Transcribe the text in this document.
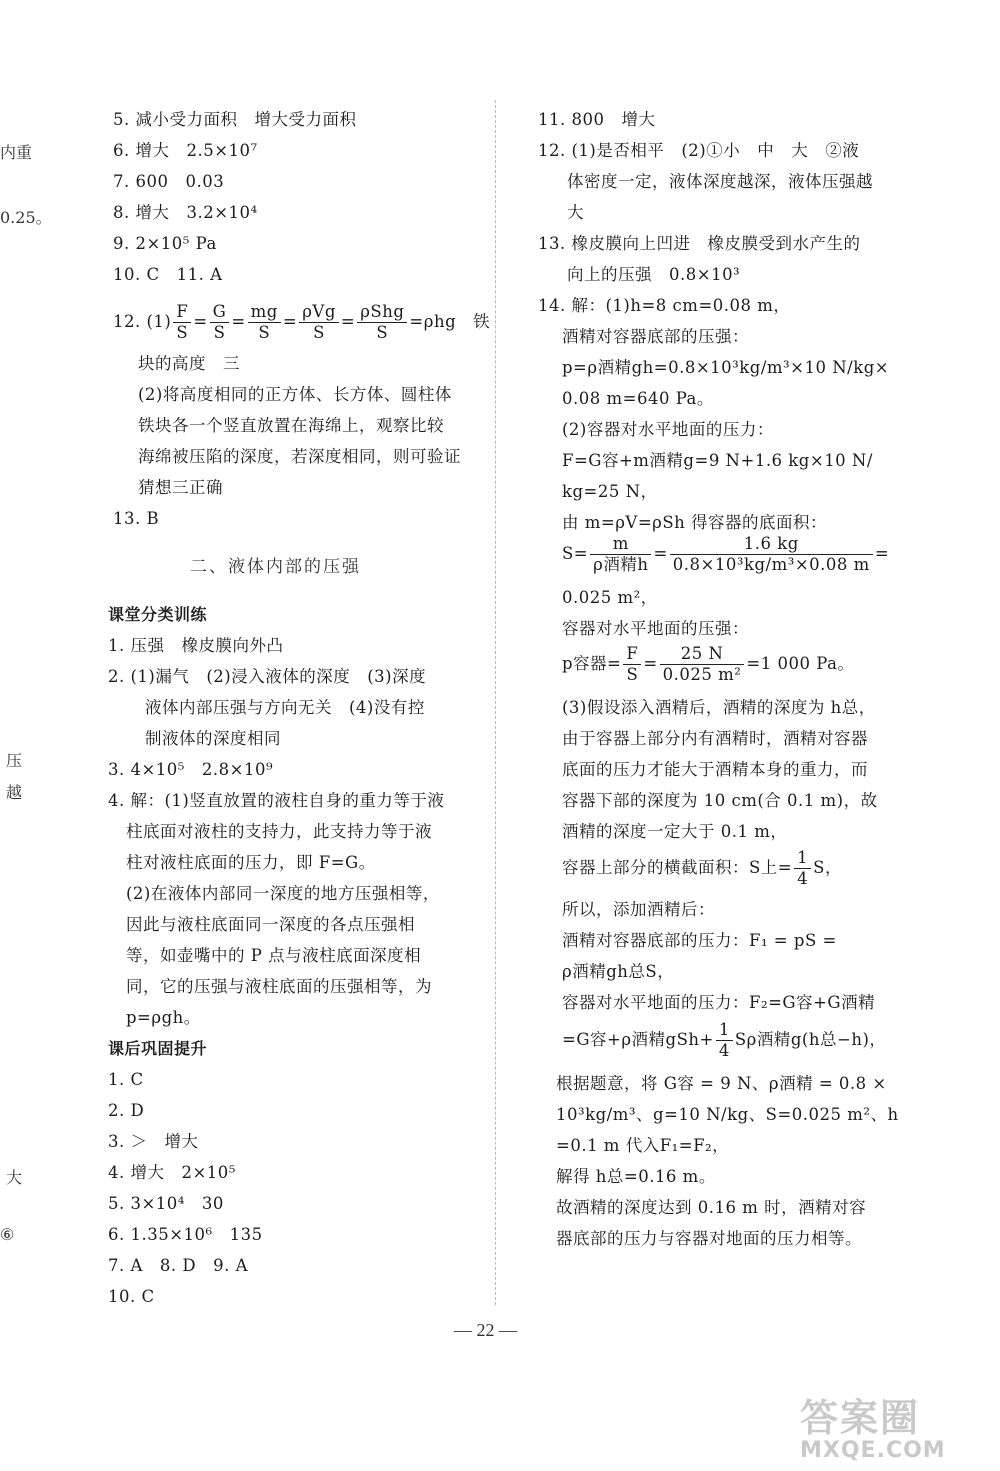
内重
0.25。
压
越
大
⑥
5. 减小受力面积　增大受力面积
6. 增大　2.5×10⁷
7. 600　0.03
8. 增大　3.2×10⁴
9. 2×10⁵ Pa
10. C　11. A
12. $(1) \frac{F}{S} = \frac{G}{S} = \frac{mg}{S} = \frac{\text{ρVg}}{S} = \frac{\text{ρShg}}{S} =\rho hg$　铁
块的高度　三
(2)将高度相同的正方体、长方体、圆柱体
铁块各一个竖直放置在海绵上，观察比较
海绵被压陷的深度，若深度相同，则可验证
猜想三正确
13. B
二、液体内部的压强
课堂分类训练
1. 压强　橡皮膜向外凸
2. (1)漏气　(2)浸入液体的深度　(3)深度
液体内部压强与方向无关　(4)没有控
制液体的深度相同
3. 4×10⁵　2.8×10⁹
4. 解：(1)竖直放置的液柱自身的重力等于液
柱底面对液柱的支持力，此支持力等于液
柱对液柱底面的压力，即 F=G。
(2)在液体内部同一深度的地方压强相等，
因此与液柱底面同一深度的各点压强相
等，如壶嘴中的 P 点与液柱底面深度相
同，它的压强与液柱底面的压强相等，为
p=ρgh。
课后巩固提升
1. C
2. D
3. ＞　增大
4. 增大　2×10⁵
5. 3×10⁴　30
6. 1.35×10⁶　135
7. A　8. D　9. A
10. C
11. 800　增大
12. (1)是否相平　(2)①小　中　大　②液
体密度一定，液体深度越深，液体压强越
大
13. 橡皮膜向上凹进　橡皮膜受到水产生的
向上的压强　0.8×10³
14. 解：(1)h=8 cm=0.08 m，
酒精对容器底部的压强：
p=ρ酒精gh=0.8×10³kg/m³×10 N/kg×
0.08 m=640 Pa。
(2)容器对水平地面的压力：
F=G容+m酒精g=9 N+1.6 kg×10 N/
kg=25 N，
由 m=ρV=ρSh 得容器的底面积：
$S= \frac{m}{\text{ρ酒精h}} = \frac{1.6 kg}{\text{0.8×10³kg/m³×0.08 m}}$ =
0.025 m²，
容器对水平地面的压强：
p容器= $\frac{F}{S} = \frac{25 N}{\text{0.025 m²}} =1$ 000 Pa。
(3)假设添入酒精后，酒精的深度为 h总，
由于容器上部分内有酒精时，酒精对容器
底面的压力才能大于酒精本身的重力，而
容器下部的深度为 10 cm(合 0.1 m)，故
酒精的深度一定大于 0.1 m，
容器上部分的横截面积：S上= $\frac{1}{4}$ S，
所以，添加酒精后：
酒精对容器底部的压力：F₁ = pS =
ρ酒精gh总S，
容器对水平地面的压力：F₂=G容+G酒精
=G容+ρ酒精$gSh+ \frac{1}{4}$ Sρ酒精g(h总−h)，
根据题意，将 G容 = 9 N、ρ酒精 = 0.8 ×
10³kg/m³、g=10 N/kg、S=0.025 m²、h
=0.1 m 代入F₁=F₂，
解得 h总=0.16 m。
故酒精的深度达到 0.16 m 时，酒精对容
器底部的压力与容器对地面的压力相等。
— 22 —
答案圈
MXQE.COM
